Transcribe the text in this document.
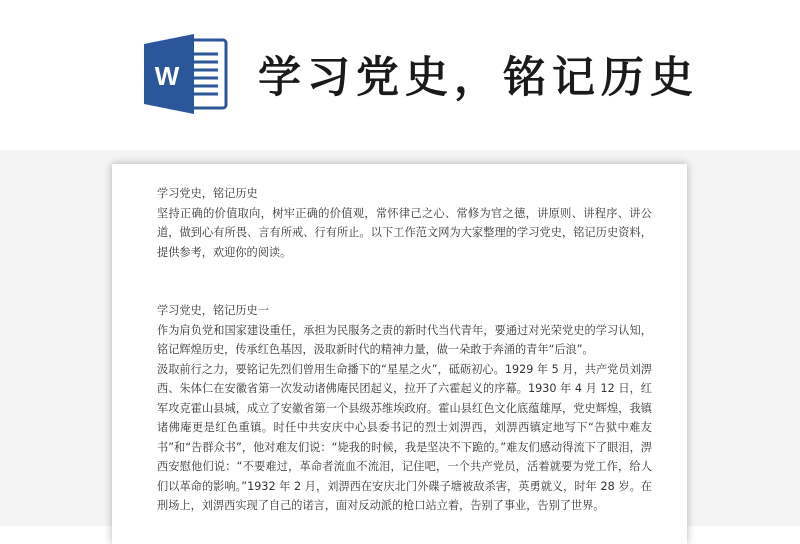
W 学习党史，铭记历史

学习党史，铭记历史

坚持正确的价值取向，树牢正确的价值观，常怀律己之心、常修为官之德，讲原则、讲程序、讲公道，做到心有所畏、言有所戒、行有所止。以下工作范文网为大家整理的学习党史，铭记历史资料，提供参考，欢迎你的阅读。

学习党史，铭记历史一

作为肩负党和国家建设重任，承担为民服务之责的新时代当代青年，要通过对光荣党史的学习认知，铭记辉煌历史，传承红色基因，汲取新时代的精神力量，做一朵敢于奔涌的青年“后浪”。

汲取前行之力，要铭记先烈们曾用生命播下的“星星之火”，砥砺初心。1929 年 5 月，共产党员刘淠西、朱体仁在安徽省第一次发动诸佛庵民团起义，拉开了六霍起义的序幕。1930 年 4 月 12 日，红军攻克霍山县城，成立了安徽省第一个县级苏维埃政府。霍山县红色文化底蕴雄厚，党史辉煌，我镇诸佛庵更是红色重镇。时任中共安庆中心县委书记的烈士刘淠西，刘淠西镇定地写下“告狱中难友书”和“告群众书”，他对难友们说：“毙我的时候，我是坚决不下跪的。”难友们感动得流下了眼泪，淠西安慰他们说：“不要难过，革命者流血不流泪，记住吧，一个共产党员，活着就要为党工作，给人们以革命的影响。”1932 年 2 月，刘淠西在安庆北门外碟子塘被敌杀害，英勇就义，时年 28 岁。在刑场上，刘淠西实现了自己的诺言，面对反动派的枪口站立着，告别了事业，告别了世界。
